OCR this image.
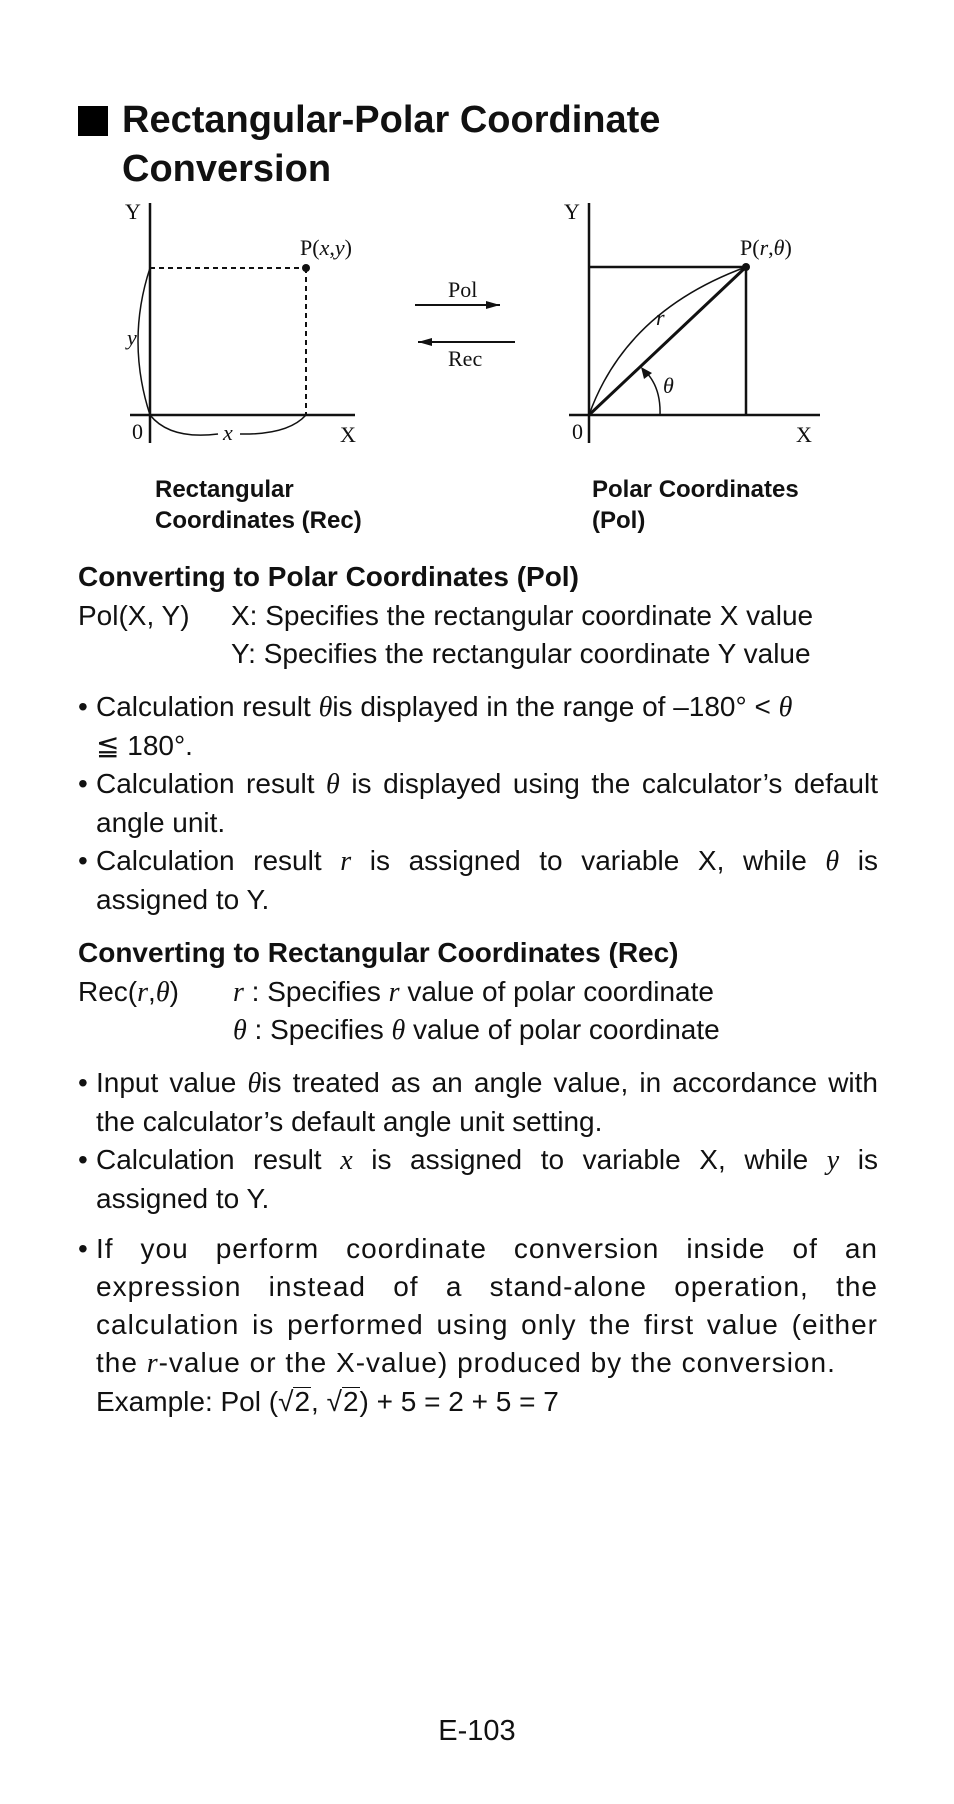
Rectangular-Polar Coordinate
Conversion
Y
X
0
P(x,y)
x
y
Pol
Rec
Y
X
0
P(r,θ)
r
θ
Rectangular
Coordinates (Rec)
Polar Coordinates
(Pol)
Converting to Polar Coordinates (Pol)
Pol(X, Y) X: Specifies the rectangular coordinate X value
Y: Specifies the rectangular coordinate Y value

• Calculation result θis displayed in the range of –180° < θ
≦ 180°.

• Calculation result θ is displayed using the calculator’s default angle unit.

• Calculation result r is assigned to variable X, while θ is assigned to Y.

Converting to Rectangular Coordinates (Rec)
Rec(r,θ) r : Specifies r value of polar coordinate
θ : Specifies θ value of polar coordinate

• Input value θis treated as an angle value, in accordance with the calculator’s default angle unit setting.

• Calculation result x is assigned to variable X, while y is assigned to Y.

• If you perform coordinate conversion inside of an expression instead of a stand-alone operation, the calculation is performed using only the first value (either the r-value or the X-value) produced by the conversion.

Example: Pol (√2, √2) + 5 = 2 + 5 = 7

E-103
